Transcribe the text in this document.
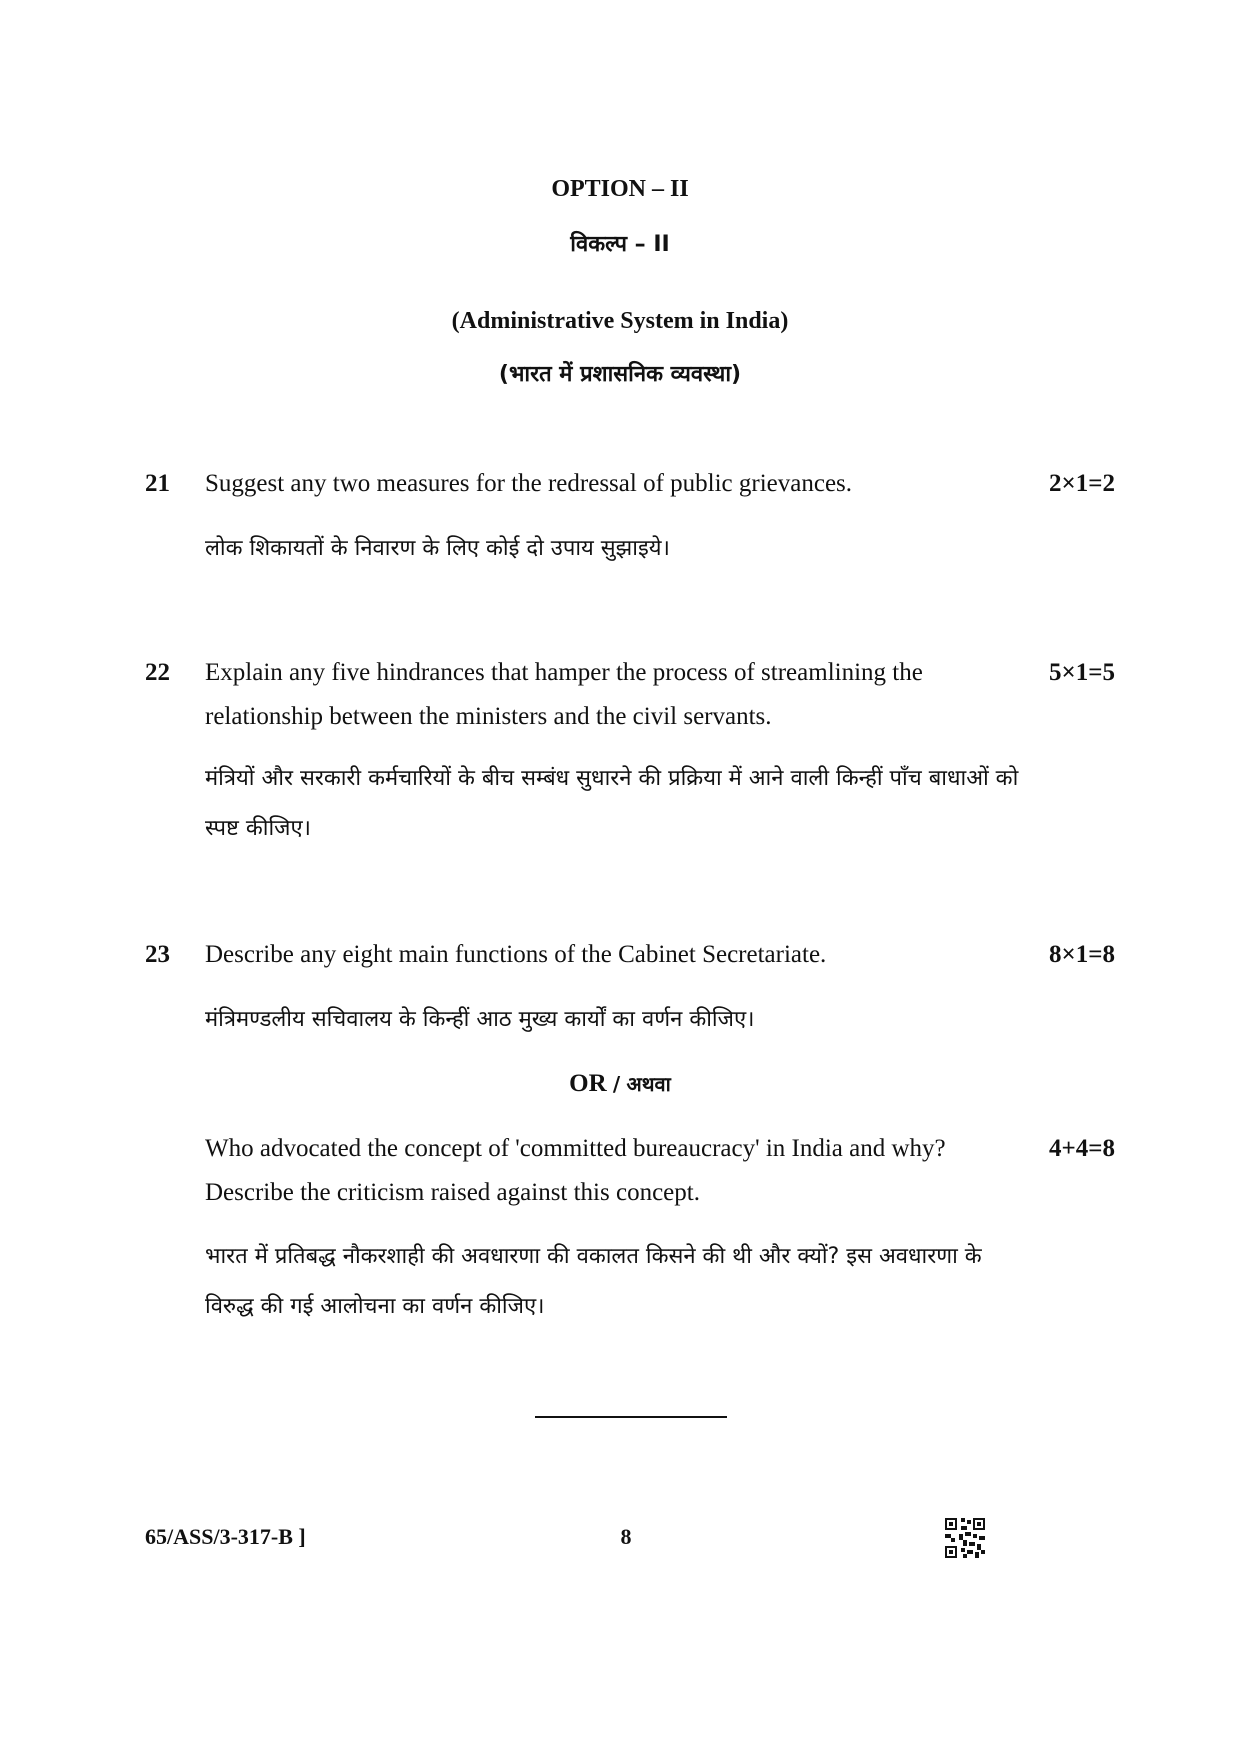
OPTION – II
विकल्प – II
(Administrative System in India)
(भारत में प्रशासनिक व्यवस्था)
21	Suggest any two measures for the redressal of public grievances.	2×1=2
लोक शिकायतों के निवारण के लिए कोई दो उपाय सुझाइये।
22	Explain any five hindrances that hamper the process of streamlining the relationship between the ministers and the civil servants.
5×1=5
मंत्रियों और सरकारी कर्मचारियों के बीच सम्बंध सुधारने की प्रक्रिया में आने वाली किन्हीं पाँच बाधाओं को स्पष्ट कीजिए।
23	Describe any eight main functions of the Cabinet Secretariate.	8×1=8
मंत्रिमण्डलीय सचिवालय के किन्हीं आठ मुख्य कार्यों का वर्णन कीजिए।
OR / अथवा
Who advocated the concept of 'committed bureaucracy' in India and why? Describe the criticism raised against this concept.
4+4=8
भारत में प्रतिबद्ध नौकरशाही की अवधारणा की वकालत किसने की थी और क्यों? इस अवधारणा के विरुद्ध की गई आलोचना का वर्णन कीजिए।
65/ASS/3-317-B ]	8
